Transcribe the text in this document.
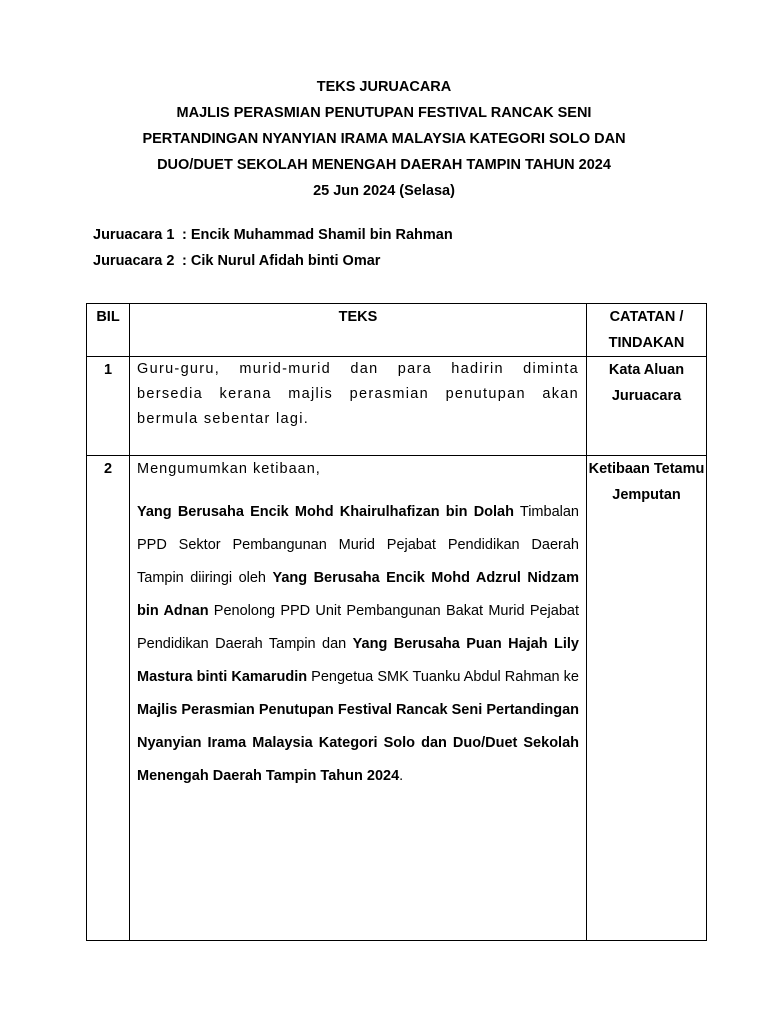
TEKS JURUACARA
MAJLIS PERASMIAN PENUTUPAN FESTIVAL RANCAK SENI
PERTANDINGAN NYANYIAN IRAMA MALAYSIA KATEGORI SOLO DAN
DUO/DUET SEKOLAH MENENGAH DAERAH TAMPIN TAHUN 2024
25 Jun 2024 (Selasa)
Juruacara 1 : Encik Muhammad Shamil bin Rahman
Juruacara 2 : Cik Nurul Afidah binti Omar
BIL	TEKS	CATATAN / TINDAKAN
1	Guru-guru, murid-murid dan para hadirin diminta bersedia kerana majlis perasmian penutupan akan bermula sebentar lagi.	Kata Aluan Juruacara
2	Mengumumkan ketibaan,
Yang Berusaha Encik Mohd Khairulhafizan bin Dolah Timbalan PPD Sektor Pembangunan Murid Pejabat Pendidikan Daerah Tampin diiringi oleh Yang Berusaha Encik Mohd Adzrul Nidzam bin Adnan Penolong PPD Unit Pembangunan Bakat Murid Pejabat Pendidikan Daerah Tampin dan Yang Berusaha Puan Hajah Lily Mastura binti Kamarudin Pengetua SMK Tuanku Abdul Rahman ke Majlis Perasmian Penutupan Festival Rancak Seni Pertandingan Nyanyian Irama Malaysia Kategori Solo dan Duo/Duet Sekolah Menengah Daerah Tampin Tahun 2024.	Ketibaan Tetamu Jemputan
